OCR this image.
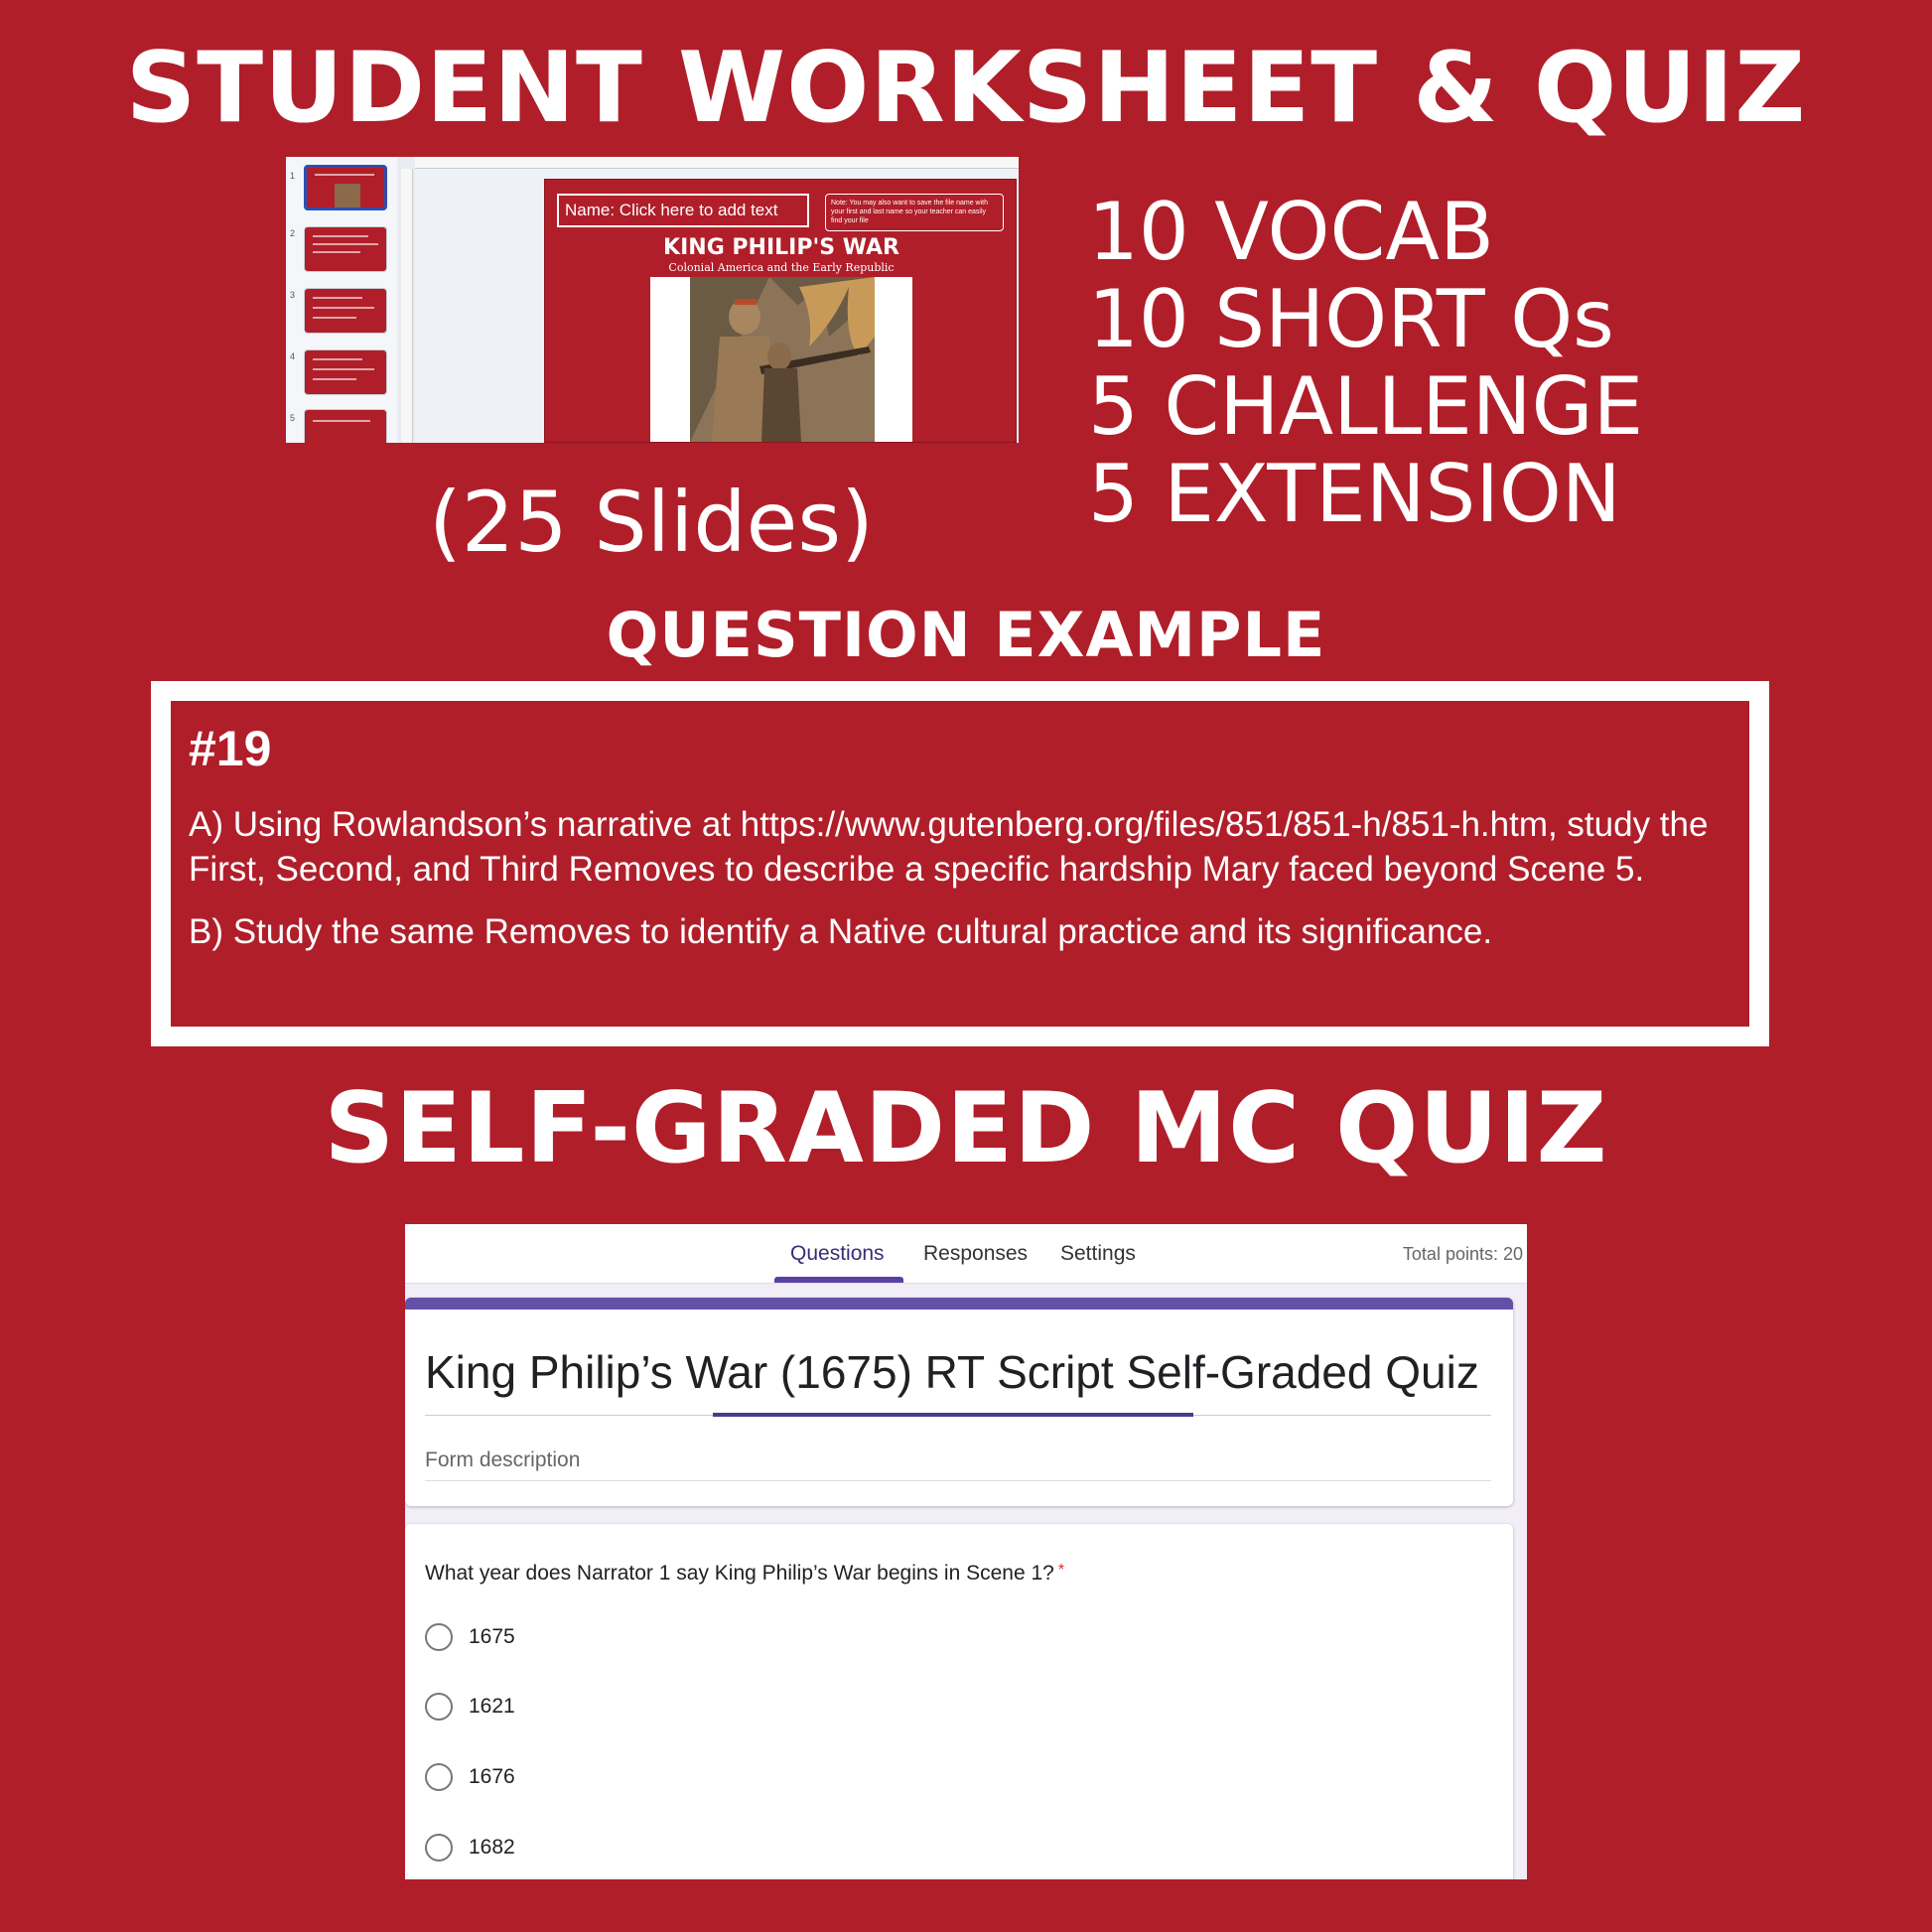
STUDENT WORKSHEET & QUIZ
1
2
3
4
5
Name: Click here to add text	Note: You may also want to save the file name with your first and last name so your teacher can easily find your file
KING PHILIP'S WAR
Colonial America and the Early Republic
(25 Slides)
10 VOCAB
10 SHORT Qs
5 CHALLENGE
5 EXTENSION
QUESTION EXAMPLE
#19
A) Using Rowlandson’s narrative at https://www.gutenberg.org/files/851/851-h/851-h.htm, study the First, Second, and Third Removes to describe a specific hardship Mary faced beyond Scene 5.
B) Study the same Removes to identify a Native cultural practice and its significance.
SELF-GRADED MC QUIZ
Questions Responses Settings	Total points: 20
King Philip’s War (1675) RT Script Self-Graded Quiz
Form description
What year does Narrator 1 say King Philip’s War begins in Scene 1? *
1675
1621
1676
1682
